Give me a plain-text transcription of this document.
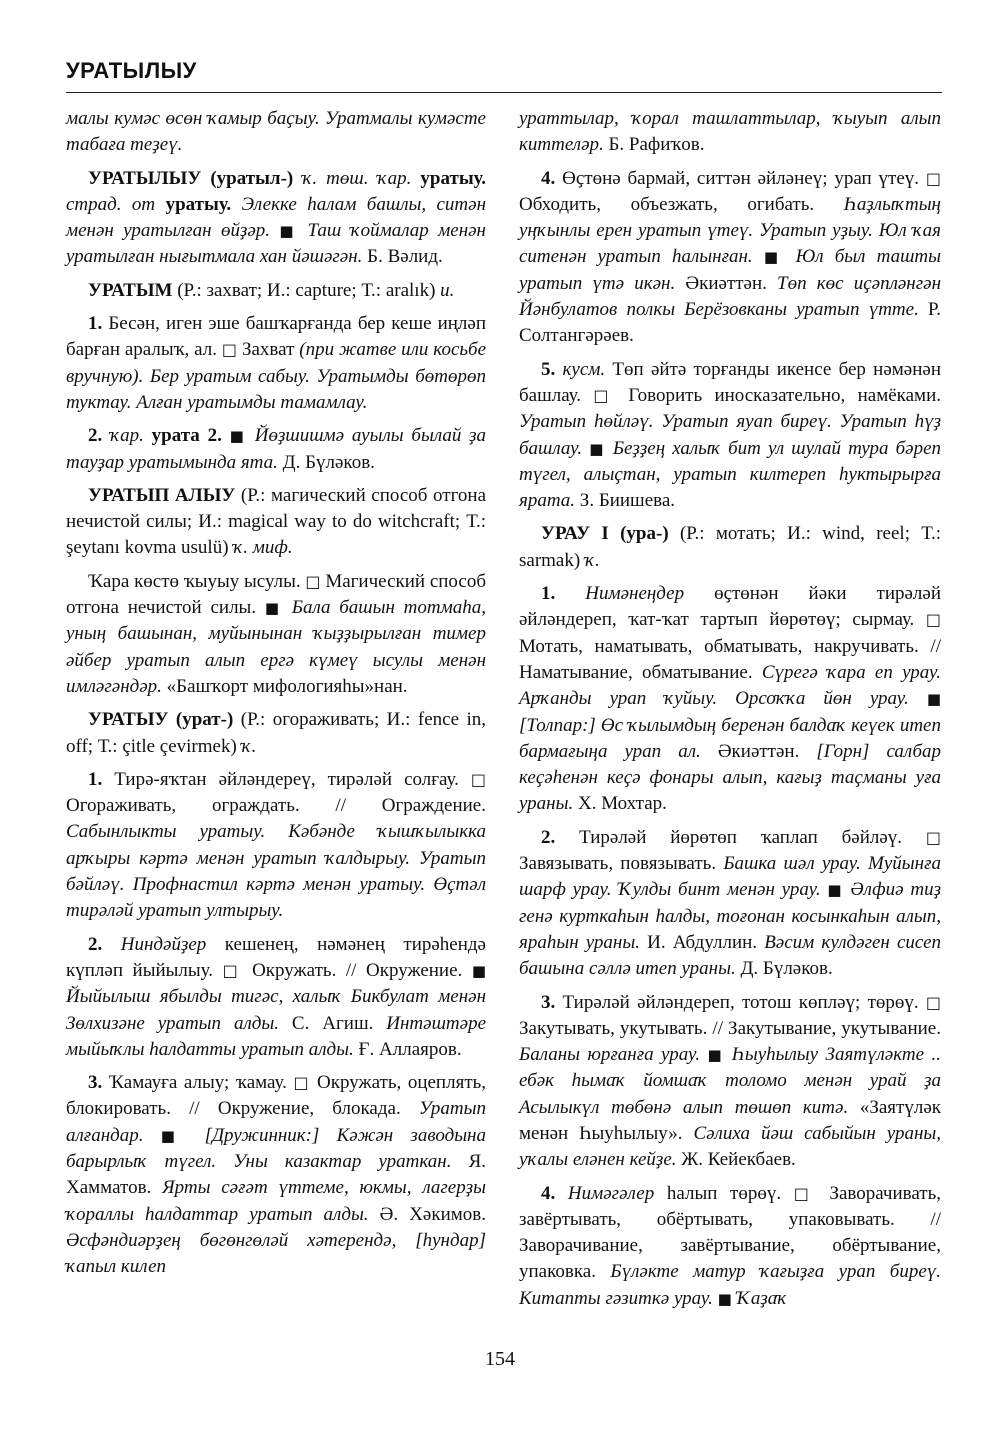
УРАТЫЛЫУ

малы кумәс өсөн ҡамыр баҫыу. Уратмалы кумәсте табаға теҙеү.

УРАТЫЛЫУ (уратыл-) ҡ. төш. ҡар. уратыу. страд. от уратыу. Элекке һалам башлы, ситән менән уратылған өйҙәр. ■ Таш ҡоймалар менән уратылған нығытмала хан йәшәгән. Б. Вәлид.

УРАТЫМ (Р.: захват; И.: capture; Т.: aralık) и.

1. Бесән, иген эше башҡарғанда бер кеше иңләп барған аралыҡ, ал. □ Захват (при жатве или косьбе вручную). Бер уратым сабыу. Уратымды бөтөрөп туктау. Алған уратымды тамамлау.

2. ҡар. урата 2. ■ Йөҙшишмә ауылы былай ҙа тауҙар уратымында ята. Д. Бүләков.

УРАТЫП АЛЫУ (Р.: магический способ отгона нечистой силы; И.: magical way to do witchcraft; Т.: şeytanı kovma usulü) ҡ. миф.

Ҡара көстө ҡыуыу ысулы. □ Магический способ отгона нечистой силы. ■ Бала башын тотмаһа, уның башынан, муйынынан ҡыҙҙырылған тимер әйбер уратып алып ергә күмеү ысулы менән имләгәндәр. «Башҡорт мифологияһы»нан.

УРАТЫУ (урат-) (Р.: огораживать; И.: fence in, off; Т.: çitle çevirmek) ҡ.

1. Тирә-яҡтан әйләндереү, тирәләй солғау. □ Огораживать, ограждать. // Ограждение. Сабынлыкты уратыу. Кәбәнде ҡышҡылыкка арҡыры кәртә менән уратып ҡалдырыу. Уратып бәйләү. Профнастил кәртә менән уратыу. Өҫтәл тирәләй уратып ултырыу.

2. Ниндәйҙер кешенең, нәмәнең тирәһендә күпләп йыйылыу. □ Окружать. // Окружение. ■ Йыйылыш ябылды тигәс, халыҡ Бикбулат менән Зөлхизәне уратып алды. С. Агиш. Интәштәре мыйыҡлы һалдатты уратып алды. Ғ. Аллаяров.

3. Ҡамауға алыу; ҡамау. □ Окружать, оцеплять, блокировать. // Окружение, блокада. Уратып алғандар. ■ [Дружинник:] Кәжән заводына барырлыҡ түгел. Уны казактар ураткан. Я. Хамматов. Ярты сәғәт үттеме, юкмы, лагерҙы ҡораллы һалдаттар уратып алды. Ә. Хәкимов. Әсфәндиәрҙең бөгөнгөләй хәтерендә, [һундар] ҡапыл килеп

ураттылар, ҡорал ташлаттылар, ҡыуып алып киттеләр. Б. Рафиҡов.

4. Өҫтөнә бармай, ситтән әйләнеү; урап үтеү. □ Обходить, объезжать, огибать. Һаҙлыҡтың уңҡынлы ерен уратып үтеү. Уратып уҙыу. Юл ҡая ситенән уратып һалынған. ■ Юл был ташты уратып үтә икән. Әкиәттән. Төп көс иҫәпләнгән Йәнбулатов полкы Берёзовканы уратып үтте. Р. Солтангәрәев.

5. кусм. Төп әйтә торғанды икенсе бер нәмәнән башлау. □ Говорить иносказательно, намёками. Уратып һөйләү. Уратып яуап биреү. Уратып һүҙ башлау. ■ Беҙҙең халыҡ бит ул шулай тура бәреп түгел, алыҫтан, уратып килтереп һуктырырға ярата. З. Биишева.

УРАУ I (ура-) (Р.: мотать; И.: wind, reel; Т.: sarmak) ҡ.

1. Нимәнеңдер өҫтөнән йәки тирәләй әйләндереп, ҡат-ҡат тартып йөрөтөү; сырмау. □ Мотать, наматывать, обматывать, накручивать. // Наматывание, обматывание. Сүрегә ҡара еп урау. Арҡанды урап ҡуйыу. Орсоҡҡа йөн урау. ■ [Толпар:] Өс ҡылымдың беренән балдаҡ кеүек итеп бармағыңа урап ал. Әкиәттән. [Горн] салбар кеҫәһенән кеҫә фонары алып, кағыҙ таҫманы уға ураны. Х. Мохтар.

2. Тирәләй йөрөтөп ҡаплап бәйләү. □ Завязывать, повязывать. Башка шәл урау. Муйынға шарф урау. Ҡулды бинт менән урау. ■ Әлфиә тиҙ генә курткаһын һалды, тоғонан косынкаһын алып, яраһын ураны. И. Абдуллин. Вәсим кулдәген сисеп башына сәллә итеп ураны. Д. Бүләков.

3. Тирәләй әйләндереп, тотош көпләү; төрөү. □ Закутывать, укутывать. // Закутывание, укутывание. Баланы юрғанға урау. ■ Һыуһылыу Заятүләкте .. ебәк һымаҡ йомшаҡ толомо менән урай ҙа Асылыкүл төбөнә алып төшөп китә. «Заятүләк менән Һыуһылыу». Сәлиха йәш сабыйын ураны, уҡалы еләнен кейҙе. Ж. Кейекбаев.

4. Нимәгәлер һалып төрөү. □ Заворачивать, завёртывать, обёртывать, упаковывать. // Заворачивание, завёртывание, обёртывание, упаковка. Бүләкте матур ҡағыҙға урап биреү. Китапты гәзиткә урау. ■ Ҡаҙаҡ

154
